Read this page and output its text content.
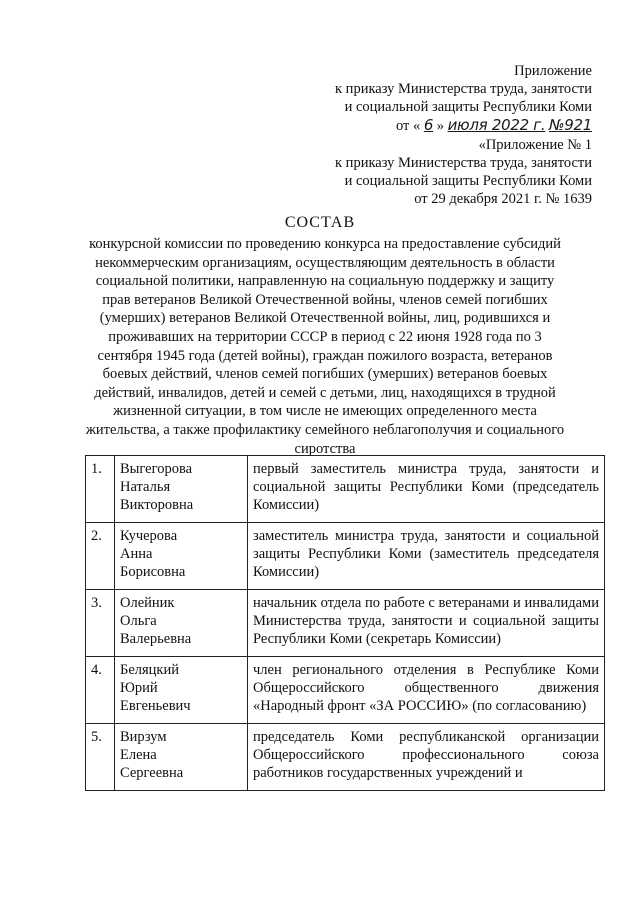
Приложение
к приказу Министерства труда, занятости
и социальной защиты Республики Коми
от « 6 » июля 2022 г. №921
«Приложение № 1
к приказу Министерства труда, занятости
и социальной защиты Республики Коми
от 29 декабря 2021 г. № 1639
СОСТАВ
конкурсной комиссии по проведению конкурса на предоставление субсидий некоммерческим организациям, осуществляющим деятельность в области социальной политики, направленную на социальную поддержку и защиту прав ветеранов Великой Отечественной войны, членов семей погибших (умерших) ветеранов Великой Отечественной войны, лиц, родившихся и проживавших на территории СССР в период с 22 июня 1928 года по 3 сентября 1945 года (детей войны), граждан пожилого возраста, ветеранов боевых действий, членов семей погибших (умерших) ветеранов боевых действий, инвалидов, детей и семей с детьми, лиц, находящихся в трудной жизненной ситуации, в том числе не имеющих определенного места жительства, а также профилактику семейного неблагополучия и социального сиротства
1.	Выгегорова
Наталья
Викторовна	первый заместитель министра труда, занятости и социальной защиты Республики Коми (председатель Комиссии)
2.	Кучерова
Анна
Борисовна	заместитель министра труда, занятости и социальной защиты Республики Коми (заместитель председателя Комиссии)
3.	Олейник
Ольга
Валерьевна	начальник отдела по работе с ветеранами и инвалидами Министерства труда, занятости и социальной защиты Республики Коми (секретарь Комиссии)
4.	Беляцкий
Юрий
Евгеньевич	член регионального отделения в Республике Коми Общероссийского общественного движения «Народный фронт «ЗА РОССИЮ» (по согласованию)
5.	Вирзум
Елена
Сергеевна	председатель Коми республиканской организации Общероссийского профессионального союза работников государственных учреждений и
